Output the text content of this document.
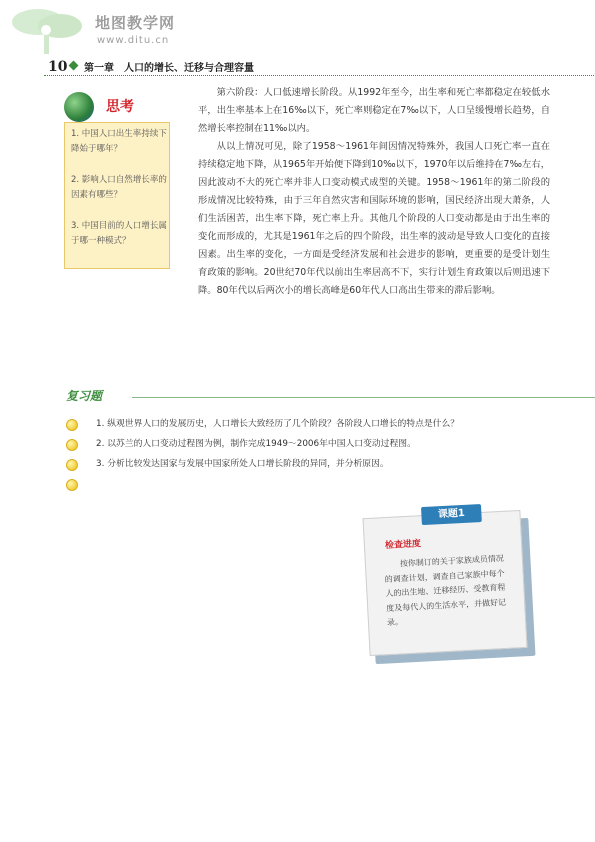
地图教学网
www.ditu.cn
10 第一章　人口的增长、迁移与合理容量
思考
1. 中国人口出生率持续下降始于哪年？
2. 影响人口自然增长率的因素有哪些？
3. 中国目前的人口增长属于哪一种模式？

第六阶段：人口低速增长阶段。从1992年至今，出生率和死亡率都稳定在较低水平，出生率基本上在16‰以下，死亡率则稳定在7‰以下，人口呈缓慢增长趋势，自然增长率控制在11‰以内。

从以上情况可见，除了1958～1961年间因情况特殊外，我国人口死亡率一直在持续稳定地下降，从1965年开始便下降到10‰以下，1970年以后维持在7‰左右，因此波动不大的死亡率并非人口变动模式成型的关键。1958～1961年的第二阶段的形成情况比较特殊，由于三年自然灾害和国际环境的影响，国民经济出现大萧条，人们生活困苦，出生率下降，死亡率上升。其他几个阶段的人口变动都是由于出生率的变化而形成的，尤其是1961年之后的四个阶段，出生率的波动是导致人口变化的直接因素。出生率的变化，一方面是受经济发展和社会进步的影响，更重要的是受计划生育政策的影响。20世纪70年代以前出生率居高不下，实行计划生育政策以后则迅速下降。80年代以后两次小的增长高峰是60年代人口高出生带来的滞后影响。

复习题
1. 纵观世界人口的发展历史，人口增长大致经历了几个阶段？各阶段人口增长的特点是什么？
2. 以苏兰的人口变动过程图为例，制作完成1949～2006年中国人口变动过程图。
3. 分析比较发达国家与发展中国家所处人口增长阶段的异同，并分析原因。
课题1
检查进度
按你制订的关于家族成员情况的调查计划，调查自己家族中每个人的出生地、迁移经历、受教育程度及每代人的生活水平，并做好记录。
